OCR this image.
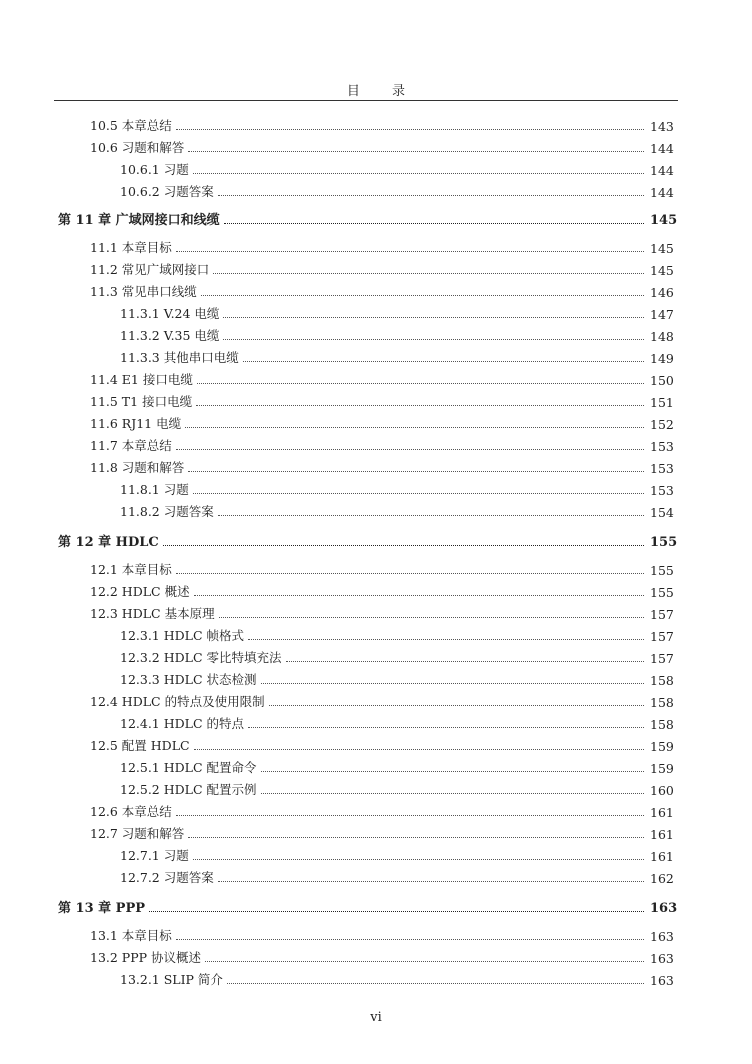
目 录
10.5 本章总结	143
10.6 习题和解答	144
10.6.1 习题	144
10.6.2 习题答案	144
第 11 章 广域网接口和线缆	145
11.1 本章目标	145
11.2 常见广域网接口	145
11.3 常见串口线缆	146
11.3.1 V.24 电缆	147
11.3.2 V.35 电缆	148
11.3.3 其他串口电缆	149
11.4 E1 接口电缆	150
11.5 T1 接口电缆	151
11.6 RJ11 电缆	152
11.7 本章总结	153
11.8 习题和解答	153
11.8.1 习题	153
11.8.2 习题答案	154
第 12 章 HDLC	155
12.1 本章目标	155
12.2 HDLC 概述	155
12.3 HDLC 基本原理	157
12.3.1 HDLC 帧格式	157
12.3.2 HDLC 零比特填充法	157
12.3.3 HDLC 状态检测	158
12.4 HDLC 的特点及使用限制	158
12.4.1 HDLC 的特点	158
12.5 配置 HDLC	159
12.5.1 HDLC 配置命令	159
12.5.2 HDLC 配置示例	160
12.6 本章总结	161
12.7 习题和解答	161
12.7.1 习题	161
12.7.2 习题答案	162
第 13 章 PPP	163
13.1 本章目标	163
13.2 PPP 协议概述	163
13.2.1 SLIP 简介	163
vi
